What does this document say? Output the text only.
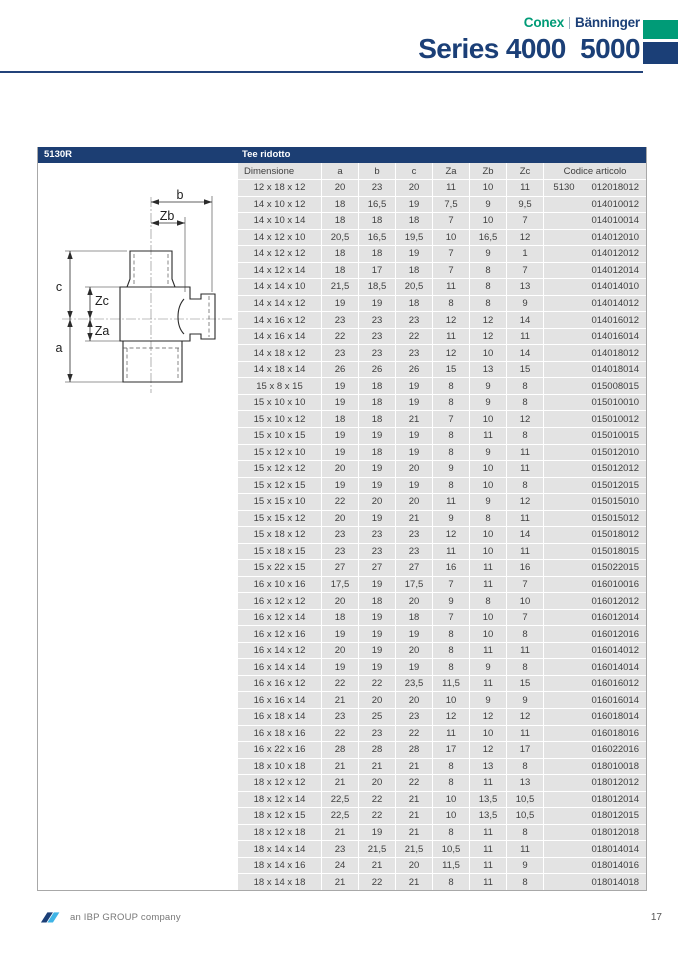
Conex Bänninger
Series 4000  5000
5130R	Tee ridotto
b
Zb
c
Zc
Za
a
Dimensione	a	b	c	Za	Zb	Zc	Codice articolo
12 x 18 x 12	20	23	20	11	10	11	5130	012018012
14 x 10 x 12	18	16,5	19	7,5	9	9,5	014010012
14 x 10 x 14	18	18	18	7	10	7	014010014
14 x 12 x 10	20,5	16,5	19,5	10	16,5	12	014012010
14 x 12 x 12	18	18	19	7	9	1	014012012
14 x 12 x 14	18	17	18	7	8	7	014012014
14 x 14 x 10	21,5	18,5	20,5	11	8	13	014014010
14 x 14 x 12	19	19	18	8	8	9	014014012
14 x 16 x 12	23	23	23	12	12	14	014016012
14 x 16 x 14	22	23	22	11	12	11	014016014
14 x 18 x 12	23	23	23	12	10	14	014018012
14 x 18 x 14	26	26	26	15	13	15	014018014
15 x 8 x 15	19	18	19	8	9	8	015008015
15 x 10 x 10	19	18	19	8	9	8	015010010
15 x 10 x 12	18	18	21	7	10	12	015010012
15 x 10 x 15	19	19	19	8	11	8	015010015
15 x 12 x 10	19	18	19	8	9	11	015012010
15 x 12 x 12	20	19	20	9	10	11	015012012
15 x 12 x 15	19	19	19	8	10	8	015012015
15 x 15 x 10	22	20	20	11	9	12	015015010
15 x 15 x 12	20	19	21	9	8	11	015015012
15 x 18 x 12	23	23	23	12	10	14	015018012
15 x 18 x 15	23	23	23	11	10	11	015018015
15 x 22 x 15	27	27	27	16	11	16	015022015
16 x 10 x 16	17,5	19	17,5	7	11	7	016010016
16 x 12 x 12	20	18	20	9	8	10	016012012
16 x 12 x 14	18	19	18	7	10	7	016012014
16 x 12 x 16	19	19	19	8	10	8	016012016
16 x 14 x 12	20	19	20	8	11	11	016014012
16 x 14 x 14	19	19	19	8	9	8	016014014
16 x 16 x 12	22	22	23,5	11,5	11	15	016016012
16 x 16 x 14	21	20	20	10	9	9	016016014
16 x 18 x 14	23	25	23	12	12	12	016018014
16 x 18 x 16	22	23	22	11	10	11	016018016
16 x 22 x 16	28	28	28	17	12	17	016022016
18 x 10 x 18	21	21	21	8	13	8	018010018
18 x 12 x 12	21	20	22	8	11	13	018012012
18 x 12 x 14	22,5	22	21	10	13,5	10,5	018012014
18 x 12 x 15	22,5	22	21	10	13,5	10,5	018012015
18 x 12 x 18	21	19	21	8	11	8	018012018
18 x 14 x 14	23	21,5	21,5	10,5	11	11	018014014
18 x 14 x 16	24	21	20	11,5	11	9	018014016
18 x 14 x 18	21	22	21	8	11	8	018014018
an IBP GROUP company	17
